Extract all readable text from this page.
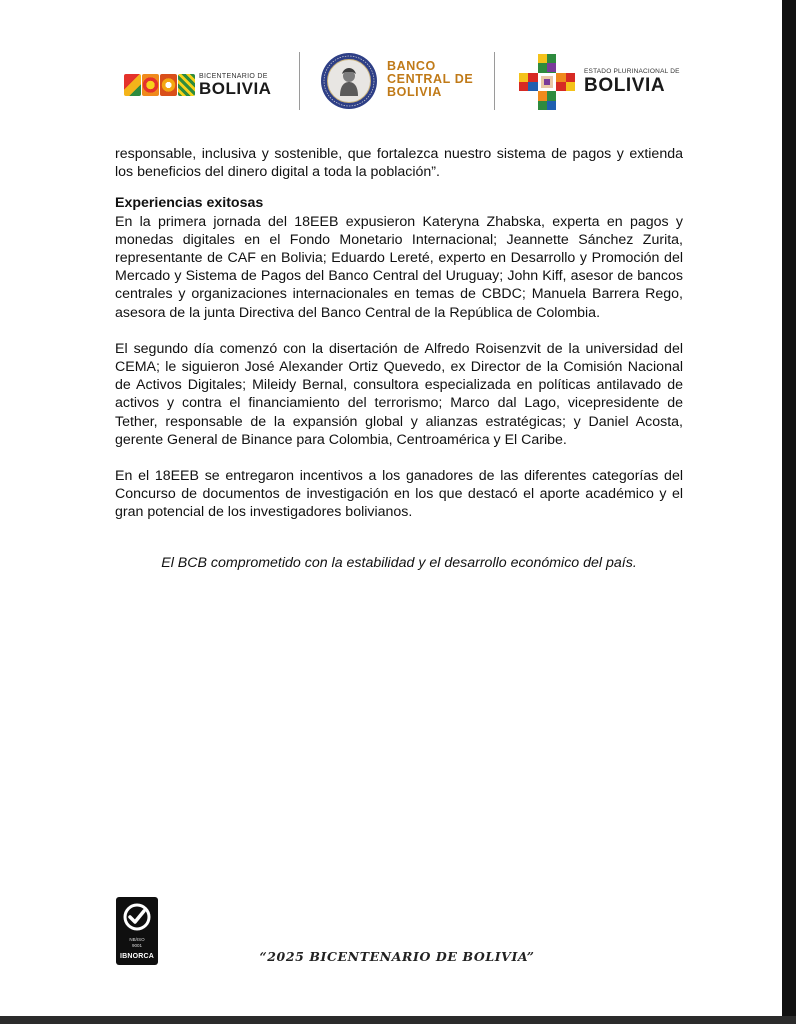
BICENTENARIO DE
BOLIVIA
BANCO
CENTRAL DE
BOLIVIA
ESTADO PLURINACIONAL DE
BOLIVIA

responsable, inclusiva y sostenible, que fortalezca nuestro sistema de pagos y extienda los beneficios del dinero digital a toda la población”.

Experiencias exitosas

En la primera jornada del 18EEB expusieron Kateryna Zhabska, experta en pagos y monedas digitales en el Fondo Monetario Internacional; Jeannette Sánchez Zurita, representante de CAF en Bolivia; Eduardo Lereté, experto en Desarrollo y Promoción del Mercado y Sistema de Pagos del Banco Central del Uruguay; John Kiff, asesor de bancos centrales y organizaciones internacionales en temas de CBDC; Manuela Barrera Rego, asesora de la junta Directiva del Banco Central de la República de Colombia.

El segundo día comenzó con la disertación de Alfredo Roisenzvit de la universidad del CEMA; le siguieron José Alexander Ortiz Quevedo, ex Director de la Comisión Nacional de Activos Digitales; Mileidy Bernal, consultora especializada en políticas antilavado de activos y contra el financiamiento del terrorismo; Marco dal Lago, vicepresidente de Tether, responsable de la expansión global y alianzas estratégicas; y Daniel Acosta, gerente General de Binance para Colombia, Centroamérica y El Caribe.

En el 18EEB se entregaron incentivos a los ganadores de las diferentes categorías del Concurso de documentos de investigación en los que destacó el aporte académico y el gran potencial de los investigadores bolivianos.

El BCB comprometido con la estabilidad y el desarrollo económico del país.

NB/ISO
9001
IBNORCA	“2025 BICENTENARIO DE BOLIVIA”
